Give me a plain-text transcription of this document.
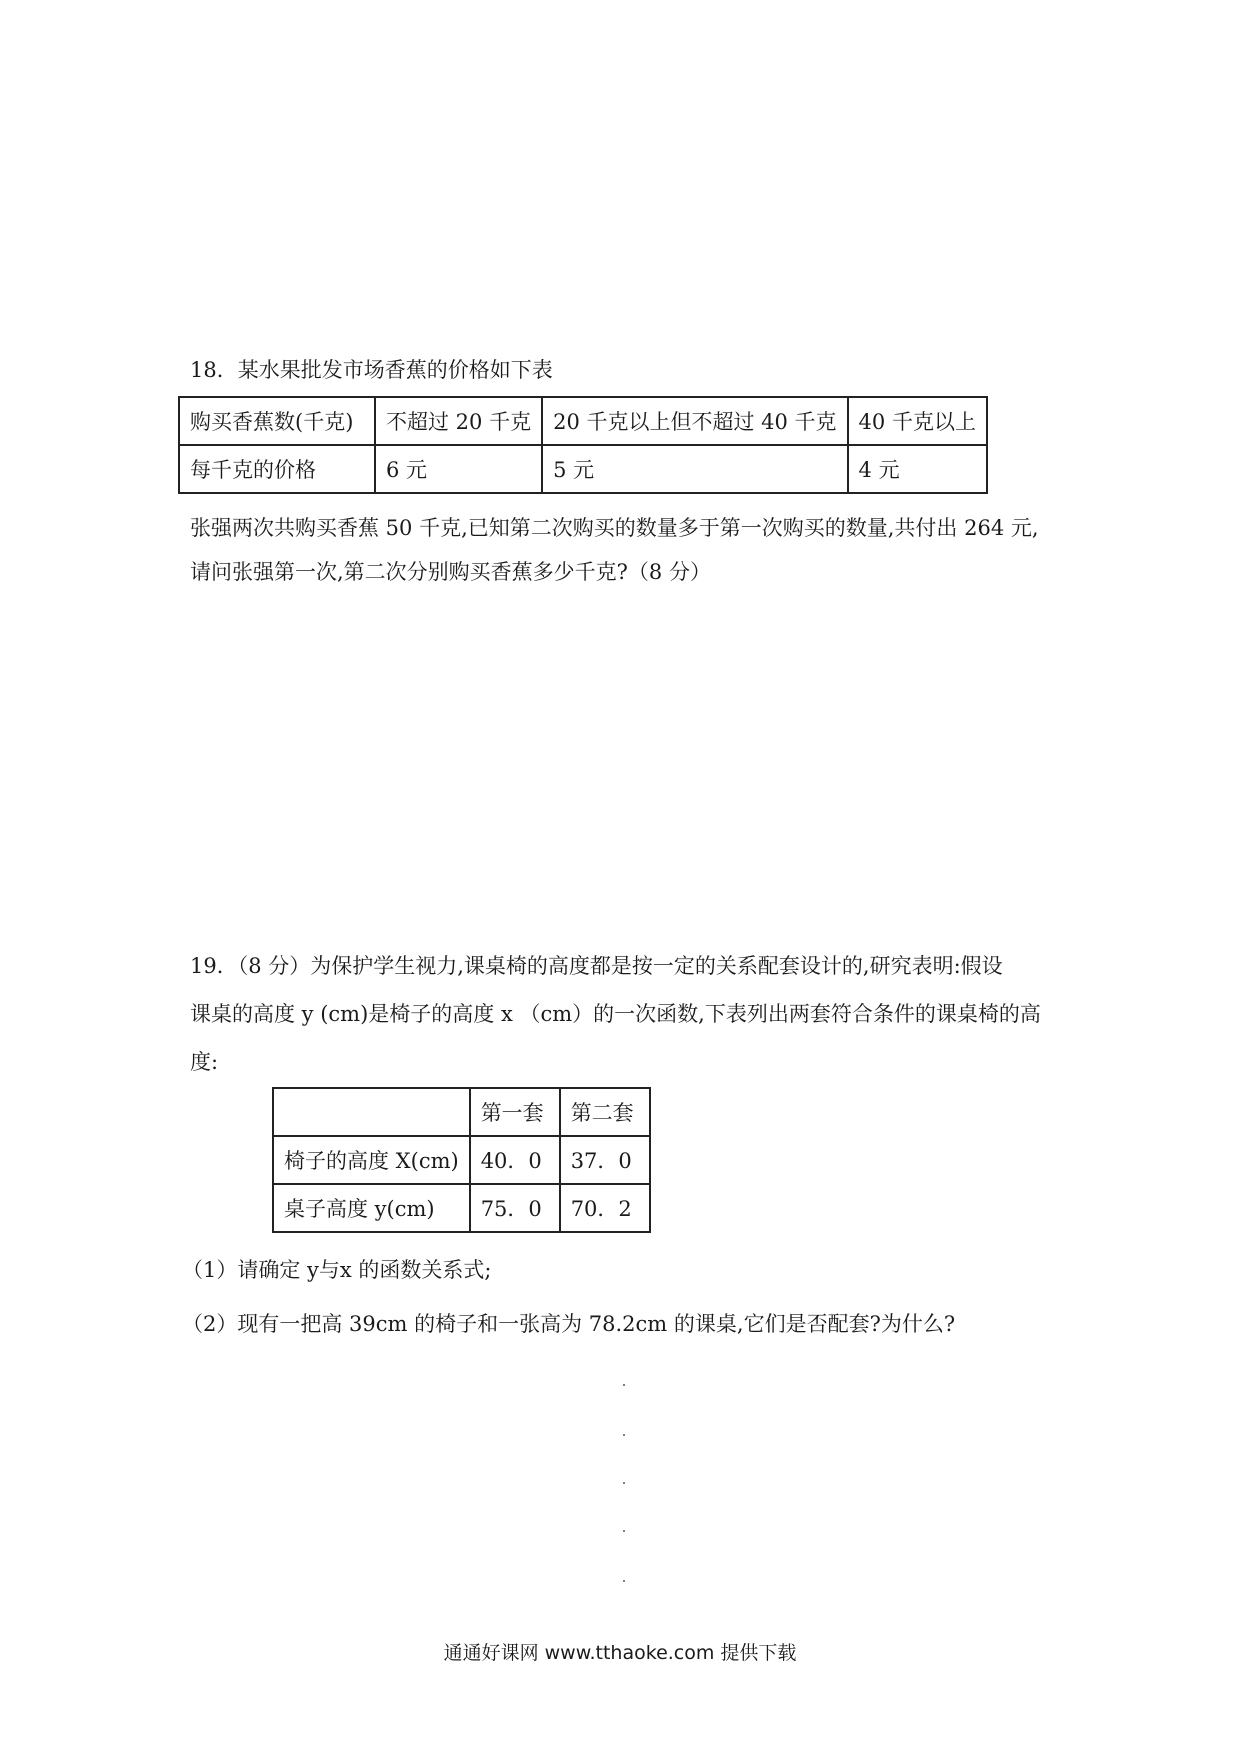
18．某水果批发市场香蕉的价格如下表
购买香蕉数(千克)	不超过 20 千克	20 千克以上但不超过 40 千克	40 千克以上
每千克的价格	6 元	5 元	4 元
张强两次共购买香蕉 50 千克,已知第二次购买的数量多于第一次购买的数量,共付出 264 元,
请问张强第一次,第二次分别购买香蕉多少千克?（8 分）
19．（8 分）为保护学生视力,课桌椅的高度都是按一定的关系配套设计的,研究表明:假设
课桌的高度 y (cm)是椅子的高度 x （cm）的一次函数,下表列出两套符合条件的课桌椅的高
度:
	第一套	第二套
椅子的高度 X(cm)	40．0	37．0
桌子高度 y(cm)	75．0	70．2
（1）请确定 y与x 的函数关系式;
（2）现有一把高 39cm 的椅子和一张高为 78.2cm 的课桌,它们是否配套?为什么?
通通好课网 www.tthaoke.com 提供下载
